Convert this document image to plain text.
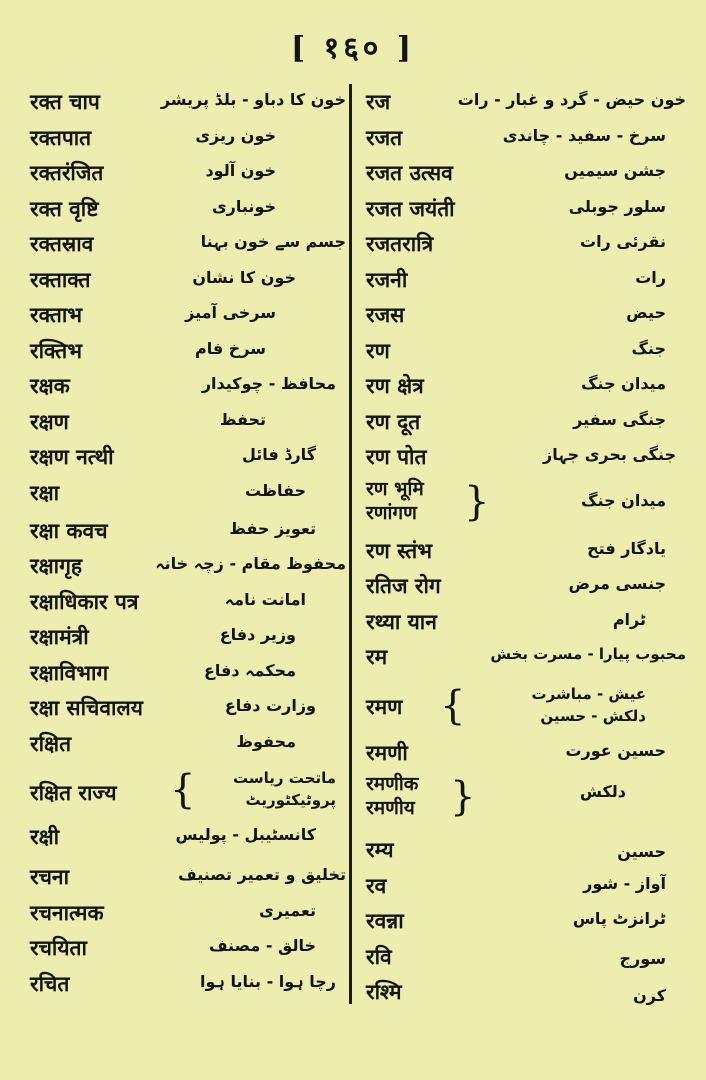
[ १६० ]
रक्त चाप	خون کا دباو - بلڈ پریشر
रक्तपात	خون ریزی
रक्तरंजित	خون آلود
रक्त वृष्टि	خونباری
रक्तस्राव	جسم سے خون بہنا
रक्ताक्त	خون کا نشان
रक्ताभ	سرخی آمیز
रक्तिभ	سرخ فام
रक्षक	محافظ - چوکیدار
रक्षण	تحفظ
रक्षण नत्थी	گارڈ فائل
रक्षा	حفاظت
रक्षा कवच	تعویز حفظ
रक्षागृह	محفوظ مقام - زچہ خانہ
रक्षाधिकार पत्र	امانت نامہ
रक्षामंत्री	وزیر دفاع
रक्षाविभाग	محکمہ دفاع
रक्षा सचिवालय	وزارت دفاع
रक्षित	محفوظ
रक्षित राज्य {	ماتحت ریاست
پروٹیکٹوریٹ
रक्षी	کانسٹیبل - پولیس
रचना	تخلیق و تعمیر تصنیف
रचनात्मक	تعمیری
रचयिता	خالق - مصنف
रचित	رچا ہوا - بنایا ہوا
रज	خون حیض - گرد و غبار - رات
रजत	سرخ - سفید - چاندی
रजत उत्सव	جشن سیمیں
रजत जयंती	سلور جوبلی
रजतरात्रि	نقرئی رات
रजनी	رات
रजस	حیض
रण	جنگ
रण क्षेत्र	میدان جنگ
रण दूत	جنگی سفیر
रण पोत	جنگی بحری جہاز
रण भूमि
रणांगण }	میدان جنگ
रण स्तंभ	یادگار فتح
रतिज रोग	جنسی مرض
रथ्या यान	ٹرام
रम	محبوب پیارا - مسرت بخش
रमण {	عیش - مباشرت
دلکش - حسین
रमणी	حسین عورت
रमणीक
रमणीय }	دلکش
रम्य	حسین
रव	آواز - شور
रवन्ना	ٹرانزٹ پاس
रवि	سورج
रश्मि	کرن
